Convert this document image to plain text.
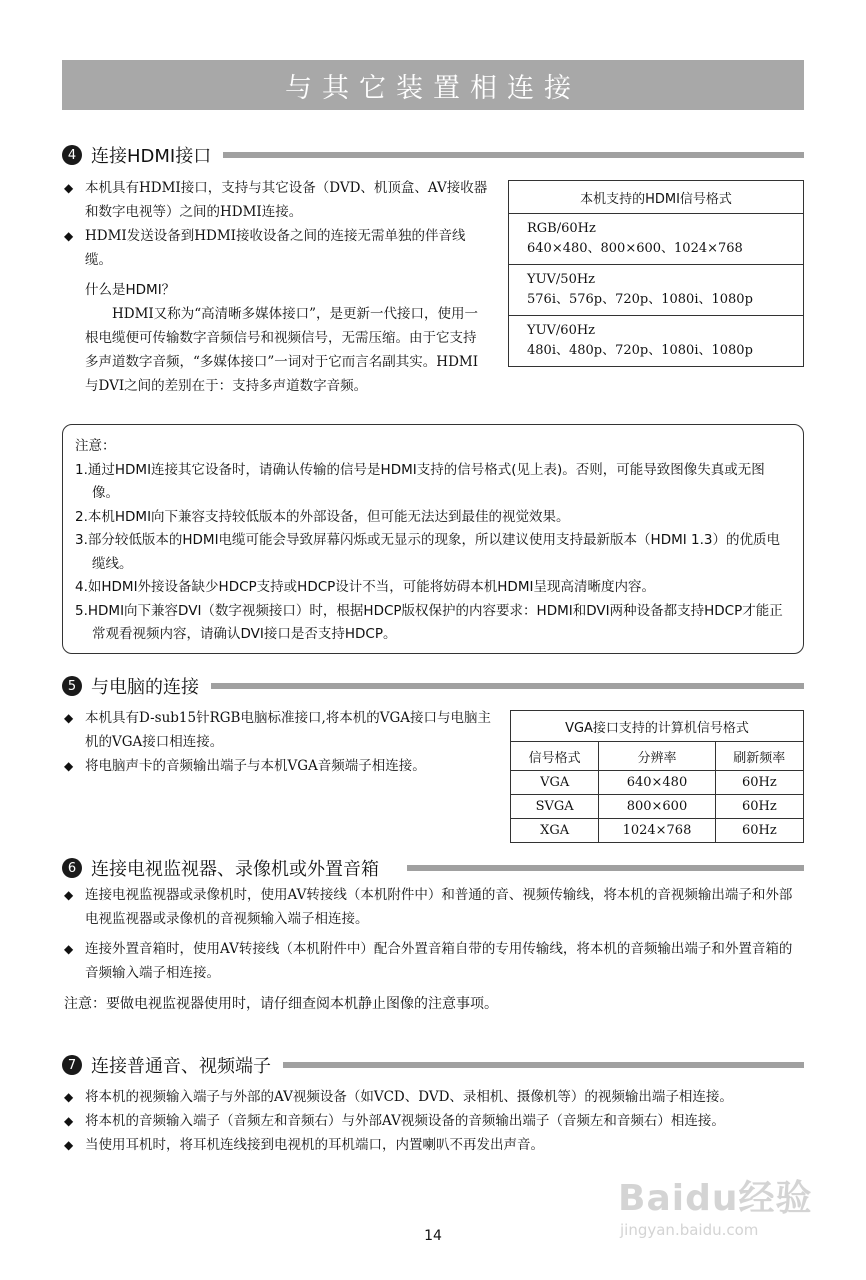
与其它装置相连接
4 连接HDMI接口
◆ 本机具有HDMI接口，支持与其它设备（DVD、机顶盒、AV接收器和数字电视等）之间的HDMI连接。
◆ HDMI发送设备到HDMI接收设备之间的连接无需单独的伴音线缆。
什么是HDMI？
HDMI又称为“高清晰多媒体接口”，是更新一代接口，使用一根电缆便可传输数字音频信号和视频信号，无需压缩。由于它支持多声道数字音频，“多媒体接口”一词对于它而言名副其实。HDMI与DVI之间的差别在于：支持多声道数字音频。
本机支持的HDMI信号格式

RGB/60Hz
640×480、800×600、1024×768

YUV/50Hz
576i、576p、720p、1080i、1080p

YUV/60Hz
480i、480p、720p、1080i、1080p
注意：
1.通过HDMI连接其它设备时，请确认传输的信号是HDMI支持的信号格式(见上表)。否则，可能导致图像失真或无图像。
2.本机HDMI向下兼容支持较低版本的外部设备，但可能无法达到最佳的视觉效果。
3.部分较低版本的HDMI电缆可能会导致屏幕闪烁或无显示的现象，所以建议使用支持最新版本（HDMI 1.3）的优质电缆线。
4.如HDMI外接设备缺少HDCP支持或HDCP设计不当，可能将妨碍本机HDMI呈现高清晰度内容。
5.HDMI向下兼容DVI（数字视频接口）时，根据HDCP版权保护的内容要求：HDMI和DVI两种设备都支持HDCP才能正常观看视频内容，请确认DVI接口是否支持HDCP。
5 与电脑的连接
◆ 本机具有D-sub15针RGB电脑标准接口,将本机的VGA接口与电脑主机的VGA接口相连接。
◆ 将电脑声卡的音频输出端子与本机VGA音频端子相连接。
VGA接口支持的计算机信号格式		
信号格式	分辨率	刷新频率
VGA	640×480	60Hz
SVGA	800×600	60Hz
XGA	1024×768	60Hz
6 连接电视监视器、录像机或外置音箱
◆ 连接电视监视器或录像机时，使用AV转接线（本机附件中）和普通的音、视频传输线，将本机的音视频输出端子和外部电视监视器或录像机的音视频输入端子相连接。
◆ 连接外置音箱时，使用AV转接线（本机附件中）配合外置音箱自带的专用传输线，将本机的音频输出端子和外置音箱的音频输入端子相连接。
注意：要做电视监视器使用时，请仔细查阅本机静止图像的注意事项。
7 连接普通音、视频端子
◆ 将本机的视频输入端子与外部的AV视频设备（如VCD、DVD、录相机、摄像机等）的视频输出端子相连接。
◆ 将本机的音频输入端子（音频左和音频右）与外部AV视频设备的音频输出端子（音频左和音频右）相连接。
◆ 当使用耳机时，将耳机连线接到电视机的耳机端口，内置喇叭不再发出声音。
Baidu经验
jingyan.baidu.com
14
